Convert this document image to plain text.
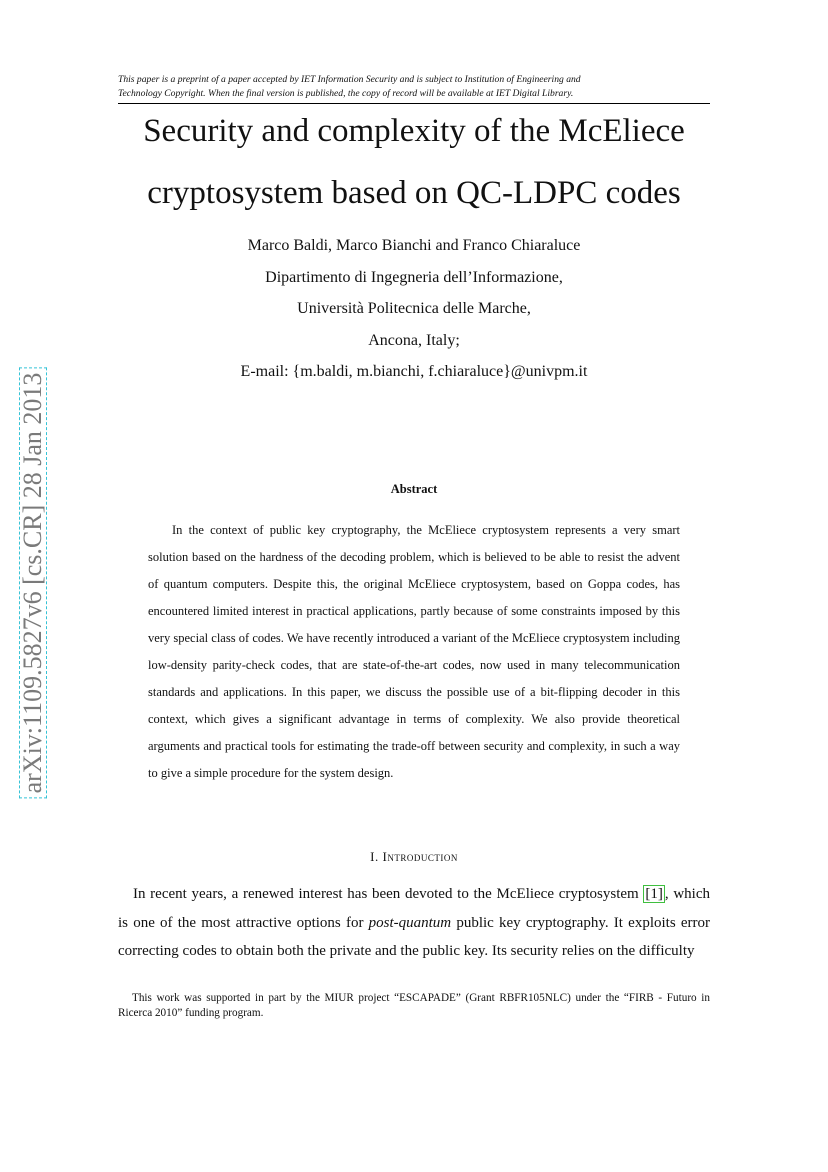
This paper is a preprint of a paper accepted by IET Information Security and is subject to Institution of Engineering and
Technology Copyright. When the final version is published, the copy of record will be available at IET Digital Library.
Security and complexity of the McEliece
cryptosystem based on QC-LDPC codes
Marco Baldi, Marco Bianchi and Franco Chiaraluce
Dipartimento di Ingegneria dell’Informazione,
Università Politecnica delle Marche,
Ancona, Italy;
E-mail: {m.baldi, m.bianchi, f.chiaraluce}@univpm.it
arXiv:1109.5827v6 [cs.CR] 28 Jan 2013	Abstract

In the context of public key cryptography, the McEliece cryptosystem represents a very smart solution based on the hardness of the decoding problem, which is believed to be able to resist the advent of quantum computers. Despite this, the original McEliece cryptosystem, based on Goppa codes, has encountered limited interest in practical applications, partly because of some constraints imposed by this very special class of codes. We have recently introduced a variant of the McEliece cryptosystem including low-density parity-check codes, that are state-of-the-art codes, now used in many telecommunication standards and applications. In this paper, we discuss the possible use of a bit-flipping decoder in this context, which gives a significant advantage in terms of complexity. We also provide theoretical arguments and practical tools for estimating the trade-off between security and complexity, in such a way to give a simple procedure for the system design.

I. Introduction

In recent years, a renewed interest has been devoted to the McEliece cryptosystem [1] , which is one of the most attractive options for post-quantum public key cryptography. It exploits error correcting codes to obtain both the private and the public key. Its security relies on the difficulty

This work was supported in part by the MIUR project “ESCAPADE” (Grant RBFR105NLC) under the “FIRB - Futuro in Ricerca 2010” funding program.
